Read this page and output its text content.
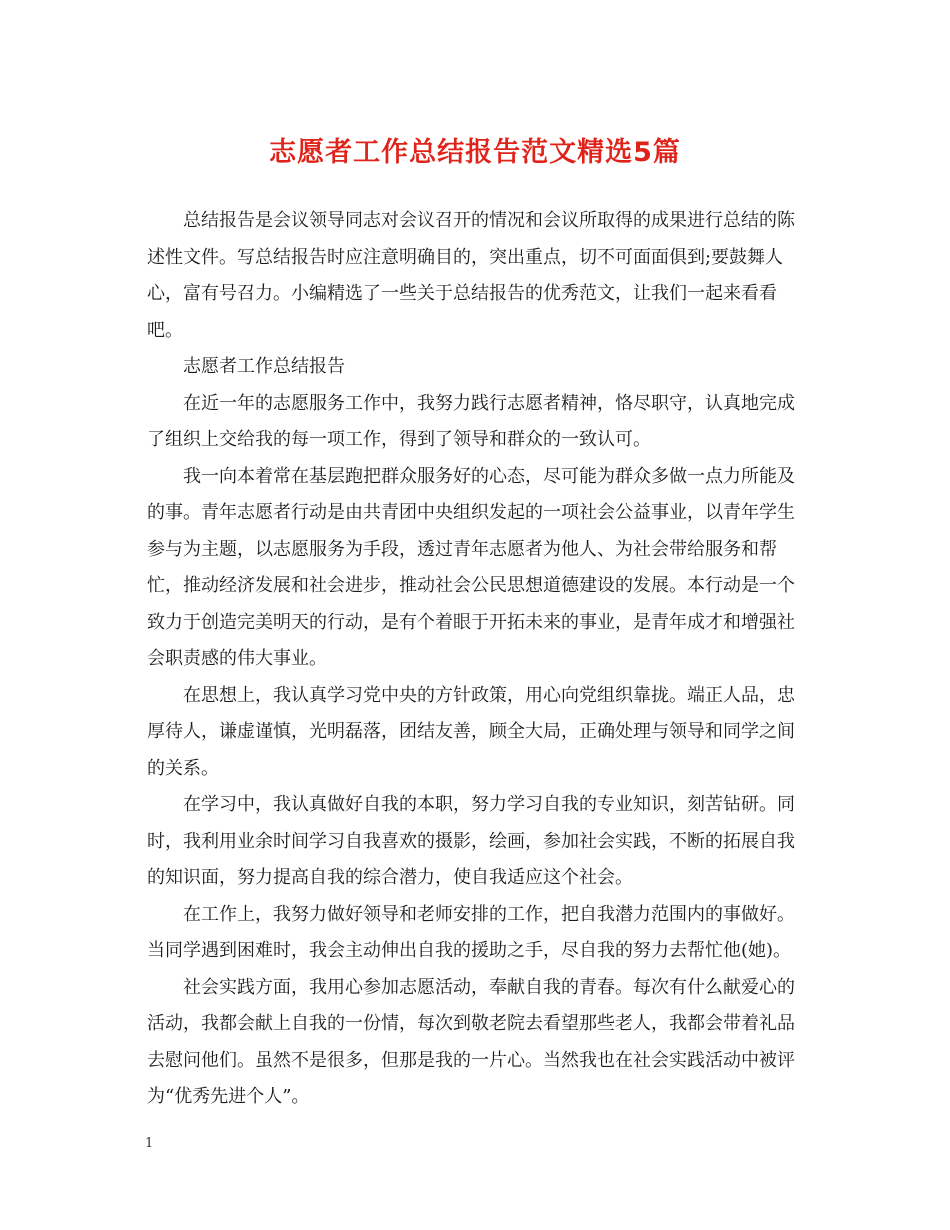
志愿者工作总结报告范文精选5篇

总结报告是会议领导同志对会议召开的情况和会议所取得的成果进行总结的陈述性文件。写总结报告时应注意明确目的，突出重点，切不可面面俱到;要鼓舞人心，富有号召力。小编精选了一些关于总结报告的优秀范文，让我们一起来看看吧。

志愿者工作总结报告

在近一年的志愿服务工作中，我努力践行志愿者精神，恪尽职守，认真地完成了组织上交给我的每一项工作，得到了领导和群众的一致认可。

我一向本着常在基层跑把群众服务好的心态，尽可能为群众多做一点力所能及的事。青年志愿者行动是由共青团中央组织发起的一项社会公益事业，以青年学生参与为主题，以志愿服务为手段，透过青年志愿者为他人、为社会带给服务和帮忙，推动经济发展和社会进步，推动社会公民思想道德建设的发展。本行动是一个致力于创造完美明天的行动，是有个着眼于开拓未来的事业，是青年成才和增强社会职责感的伟大事业。

在思想上，我认真学习党中央的方针政策，用心向党组织靠拢。端正人品，忠厚待人，谦虚谨慎，光明磊落，团结友善，顾全大局，正确处理与领导和同学之间的关系。

在学习中，我认真做好自我的本职，努力学习自我的专业知识，刻苦钻研。同时，我利用业余时间学习自我喜欢的摄影，绘画，参加社会实践，不断的拓展自我的知识面，努力提高自我的综合潜力，使自我适应这个社会。

在工作上，我努力做好领导和老师安排的工作，把自我潜力范围内的事做好。当同学遇到困难时，我会主动伸出自我的援助之手，尽自我的努力去帮忙他(她)。

社会实践方面，我用心参加志愿活动，奉献自我的青春。每次有什么献爱心的活动，我都会献上自我的一份情，每次到敬老院去看望那些老人，我都会带着礼品去慰问他们。虽然不是很多，但那是我的一片心。当然我也在社会实践活动中被评为“优秀先进个人”。

1
